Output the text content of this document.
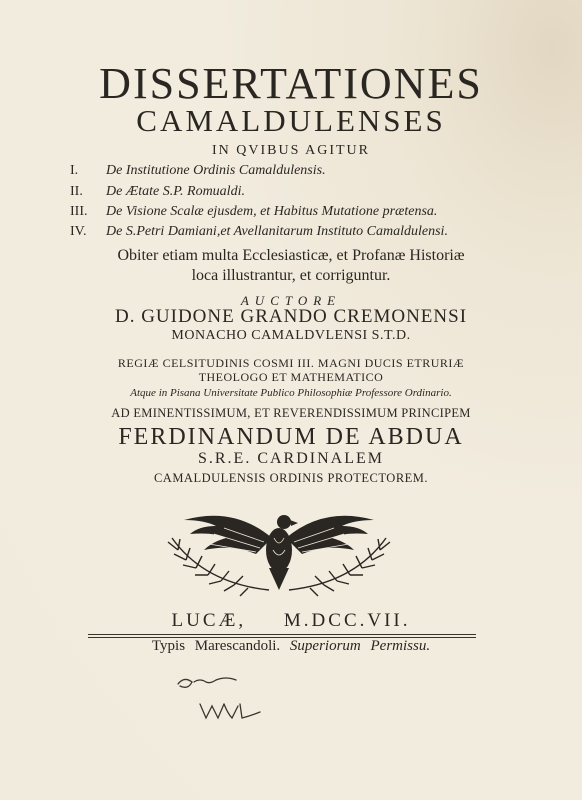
DISSERTATIONES
CAMALDULENSES
IN QVIBUS AGITUR
I. De Institutione Ordinis Camaldulensis.
II. De Ætate S.P. Romualdi.
III. De Visione Scalæ ejusdem, et Habitus Mutatione prætensa.
IV. De S.Petri Damiani,et Avellanitarum Instituto Camaldulensi.
Obiter etiam multa Ecclesiasticæ, et Profanæ Historiæ
loca illustrantur, et corriguntur.
AUCTORE
D. GUIDONE GRANDO CREMONENSI
MONACHO CAMALDVLENSI S.T.D.
REGIÆ CELSITUDINIS COSMI III. MAGNI DUCIS ETRURIÆ
THEOLOGO ET MATHEMATICO
Atque in Pisana Universitate Publico Philosophiæ Professore Ordinario.
AD EMINENTISSIMUM, ET REVERENDISSIMUM PRINCIPEM
FERDINANDUM DE ABDUA
S.R.E. CARDINALEM
CAMALDULENSIS ORDINIS PROTECTOREM.
LUCÆ, M.DCC.VII.
Typis Marescandoli. Superiorum Permissu.
